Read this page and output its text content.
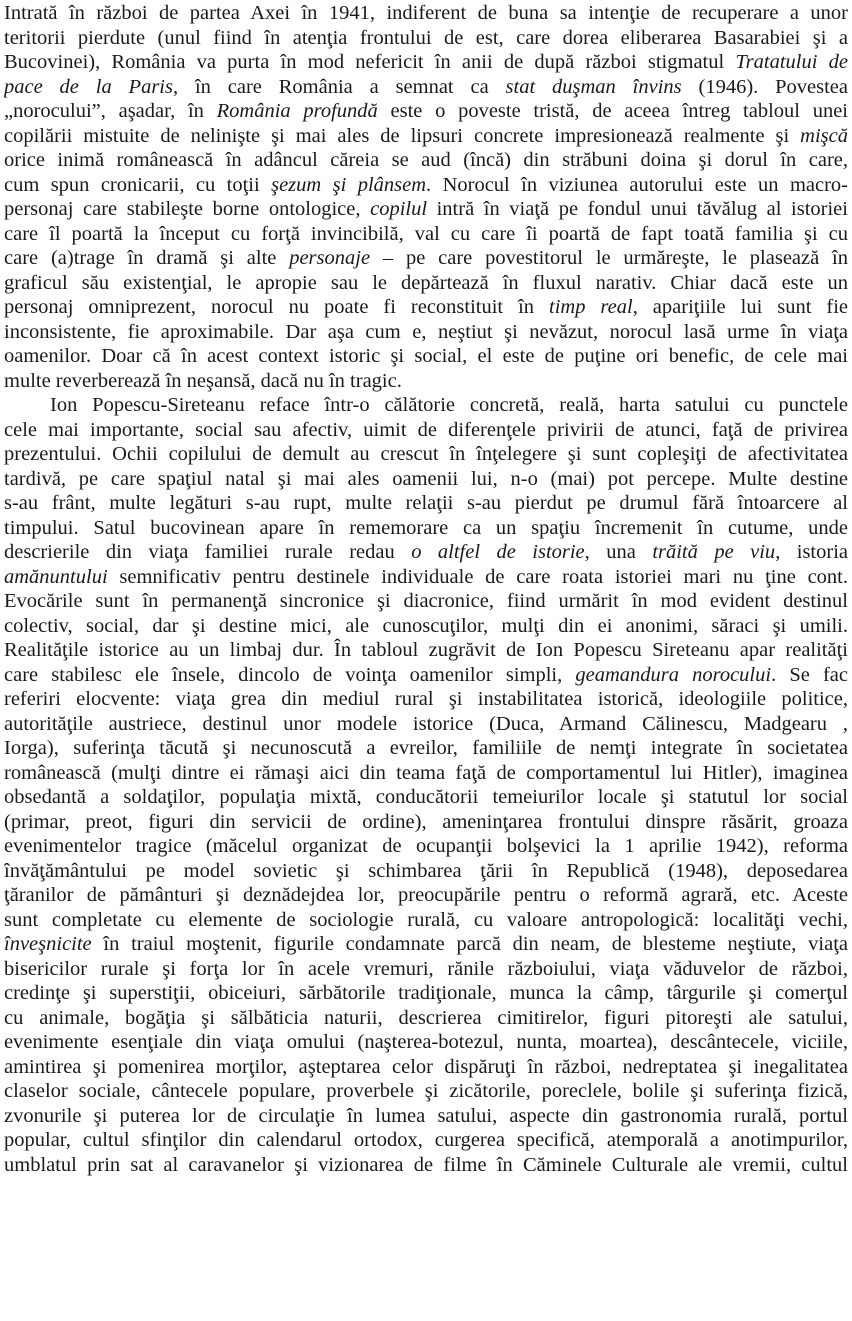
Intrată în război de partea Axei în 1941, indiferent de buna sa intenţie de recuperare a unor
teritorii pierdute (unul fiind în atenţia frontului de est, care dorea eliberarea Basarabiei şi a
Bucovinei), România va purta în mod nefericit în anii de după război stigmatul Tratatului de
pace de la Paris, în care România a semnat ca stat duşman învins (1946). Povestea
„norocului”, aşadar, în România profundă este o poveste tristă, de aceea întreg tabloul unei
copilării mistuite de nelinişte şi mai ales de lipsuri concrete impresionează realmente şi mişcă
orice inimă românească în adâncul căreia se aud (încă) din străbuni doina şi dorul în care,
cum spun cronicarii, cu toţii şezum şi plânsem. Norocul în viziunea autorului este un macro-
personaj care stabileşte borne ontologice, copilul intră în viaţă pe fondul unui tăvălug al istoriei
care îl poartă la început cu forţă invincibilă, val cu care îi poartă de fapt toată familia şi cu
care (a)trage în dramă şi alte personaje – pe care povestitorul le urmăreşte, le plasează în
graficul său existenţial, le apropie sau le depărtează în fluxul narativ. Chiar dacă este un
personaj omniprezent, norocul nu poate fi reconstituit în timp real, apariţiile lui sunt fie
inconsistente, fie aproximabile. Dar aşa cum e, neştiut şi nevăzut, norocul lasă urme în viaţa
oamenilor. Doar că în acest context istoric şi social, el este de puţine ori benefic, de cele mai
multe reverberează în neşansă, dacă nu în tragic.
Ion Popescu-Sireteanu reface într-o călătorie concretă, reală, harta satului cu punctele
cele mai importante, social sau afectiv, uimit de diferenţele privirii de atunci, faţă de privirea
prezentului. Ochii copilului de demult au crescut în înţelegere şi sunt copleşiţi de afectivitatea
tardivă, pe care spaţiul natal şi mai ales oamenii lui, n-o (mai) pot percepe. Multe destine
s-au frânt, multe legături s-au rupt, multe relaţii s-au pierdut pe drumul fără întoarcere al
timpului. Satul bucovinean apare în rememorare ca un spaţiu încremenit în cutume, unde
descrierile din viaţa familiei rurale redau o altfel de istorie, una trăită pe viu, istoria
amănuntului semnificativ pentru destinele individuale de care roata istoriei mari nu ţine cont.
Evocările sunt în permanenţă sincronice şi diacronice, fiind urmărit în mod evident destinul
colectiv, social, dar şi destine mici, ale cunoscuţilor, mulţi din ei anonimi, săraci şi umili.
Realităţile istorice au un limbaj dur. În tabloul zugrăvit de Ion Popescu Sireteanu apar realităţi
care stabilesc ele însele, dincolo de voinţa oamenilor simpli, geamandura norocului. Se fac
referiri elocvente: viaţa grea din mediul rural şi instabilitatea istorică, ideologiile politice,
autorităţile austriece, destinul unor modele istorice (Duca, Armand Călinescu, Madgearu ,
Iorga), suferinţa tăcută şi necunoscută a evreilor, familiile de nemţi integrate în societatea
românească (mulţi dintre ei rămaşi aici din teama faţă de comportamentul lui Hitler), imaginea
obsedantă a soldaţilor, populaţia mixtă, conducătorii temeiurilor locale şi statutul lor social
(primar, preot, figuri din servicii de ordine), ameninţarea frontului dinspre răsărit, groaza
evenimentelor tragice (măcelul organizat de ocupanţii bolşevici la 1 aprilie 1942), reforma
învăţământului pe model sovietic şi schimbarea ţării în Republică (1948), deposedarea
ţăranilor de pământuri şi deznădejdea lor, preocupările pentru o reformă agrară, etc. Aceste
sunt completate cu elemente de sociologie rurală, cu valoare antropologică: localităţi vechi,
înveşnicite în traiul moştenit, figurile condamnate parcă din neam, de blesteme neştiute, viaţa
bisericilor rurale şi forţa lor în acele vremuri, rănile războiului, viaţa văduvelor de război,
credinţe şi superstiţii, obiceiuri, sărbătorile tradiţionale, munca la câmp, târgurile şi comerţul
cu animale, bogăţia şi sălbăticia naturii, descrierea cimitirelor, figuri pitoreşti ale satului,
evenimente esenţiale din viaţa omului (naşterea-botezul, nunta, moartea), descântecele, viciile,
amintirea şi pomenirea morţilor, aşteptarea celor dispăruţi în război, nedreptatea şi inegalitatea
claselor sociale, cântecele populare, proverbele şi zicătorile, poreclele, bolile şi suferinţa fizică,
zvonurile şi puterea lor de circulaţie în lumea satului, aspecte din gastronomia rurală, portul
popular, cultul sfinţilor din calendarul ortodox, curgerea specifică, atemporală a anotimpurilor,
umblatul prin sat al caravanelor şi vizionarea de filme în Căminele Culturale ale vremii, cultul
